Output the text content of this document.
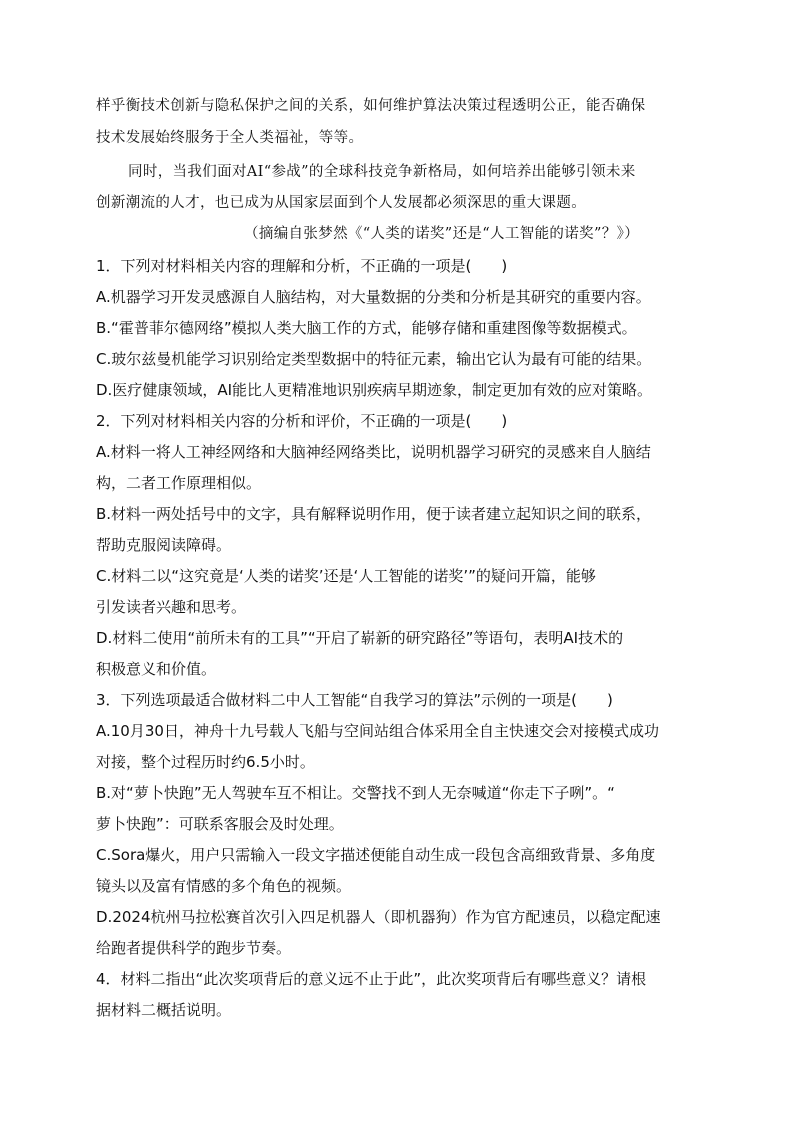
样乎衡技术创新与隐私保护之间的关系，如何维护算法决策过程透明公正，能否确保
技术发展始终服务于全人类福祉，等等。
同时，当我们面对AI“参战”的全球科技竞争新格局，如何培养出能够引领未来
创新潮流的人才，也已成为从国家层面到个人发展都必须深思的重大课题。
（摘编自张梦然《“人类的诺奖”还是“人工智能的诺奖”？》）
1．下列对材料相关内容的理解和分析，不正确的一项是(　　)
A.机器学习开发灵感源自人脑结构，对大量数据的分类和分析是其研究的重要内容。
B.“霍普菲尔德网络”模拟人类大脑工作的方式，能够存储和重建图像等数据模式。
C.玻尔兹曼机能学习识别给定类型数据中的特征元素，输出它认为最有可能的结果。
D.医疗健康领域，AI能比人更精准地识别疾病早期迹象，制定更加有效的应对策略。
2．下列对材料相关内容的分析和评价，不正确的一项是(　　)
A.材料一将人工神经网络和大脑神经网络类比，说明机器学习研究的灵感来自人脑结
构，二者工作原理相似。
B.材料一两处括号中的文字，具有解释说明作用，便于读者建立起知识之间的联系，
帮助克服阅读障碍。
C.材料二以“这究竟是‘人类的诺奖’还是‘人工智能的诺奖’”的疑问开篇，能够
引发读者兴趣和思考。
D.材料二使用“前所未有的工具”“开启了崭新的研究路径”等语句，表明AI技术的
积极意义和价值。
3．下列选项最适合做材料二中人工智能“自我学习的算法”示例的一项是(　　)
A.10月30日，神舟十九号载人飞船与空间站组合体采用全自主快速交会对接模式成功
对接，整个过程历时约6.5小时。
B.对“萝卜快跑”无人驾驶车互不相让。交警找不到人无奈喊道“你走下子咧”。“
萝卜快跑”：可联系客服会及时处理。
C.Sora爆火，用户只需输入一段文字描述便能自动生成一段包含高细致背景、多角度
镜头以及富有情感的多个角色的视频。
D.2024杭州马拉松赛首次引入四足机器人（即机器狗）作为官方配速员，以稳定配速
给跑者提供科学的跑步节奏。
4．材料二指出“此次奖项背后的意义远不止于此”，此次奖项背后有哪些意义？请根
据材料二概括说明。
